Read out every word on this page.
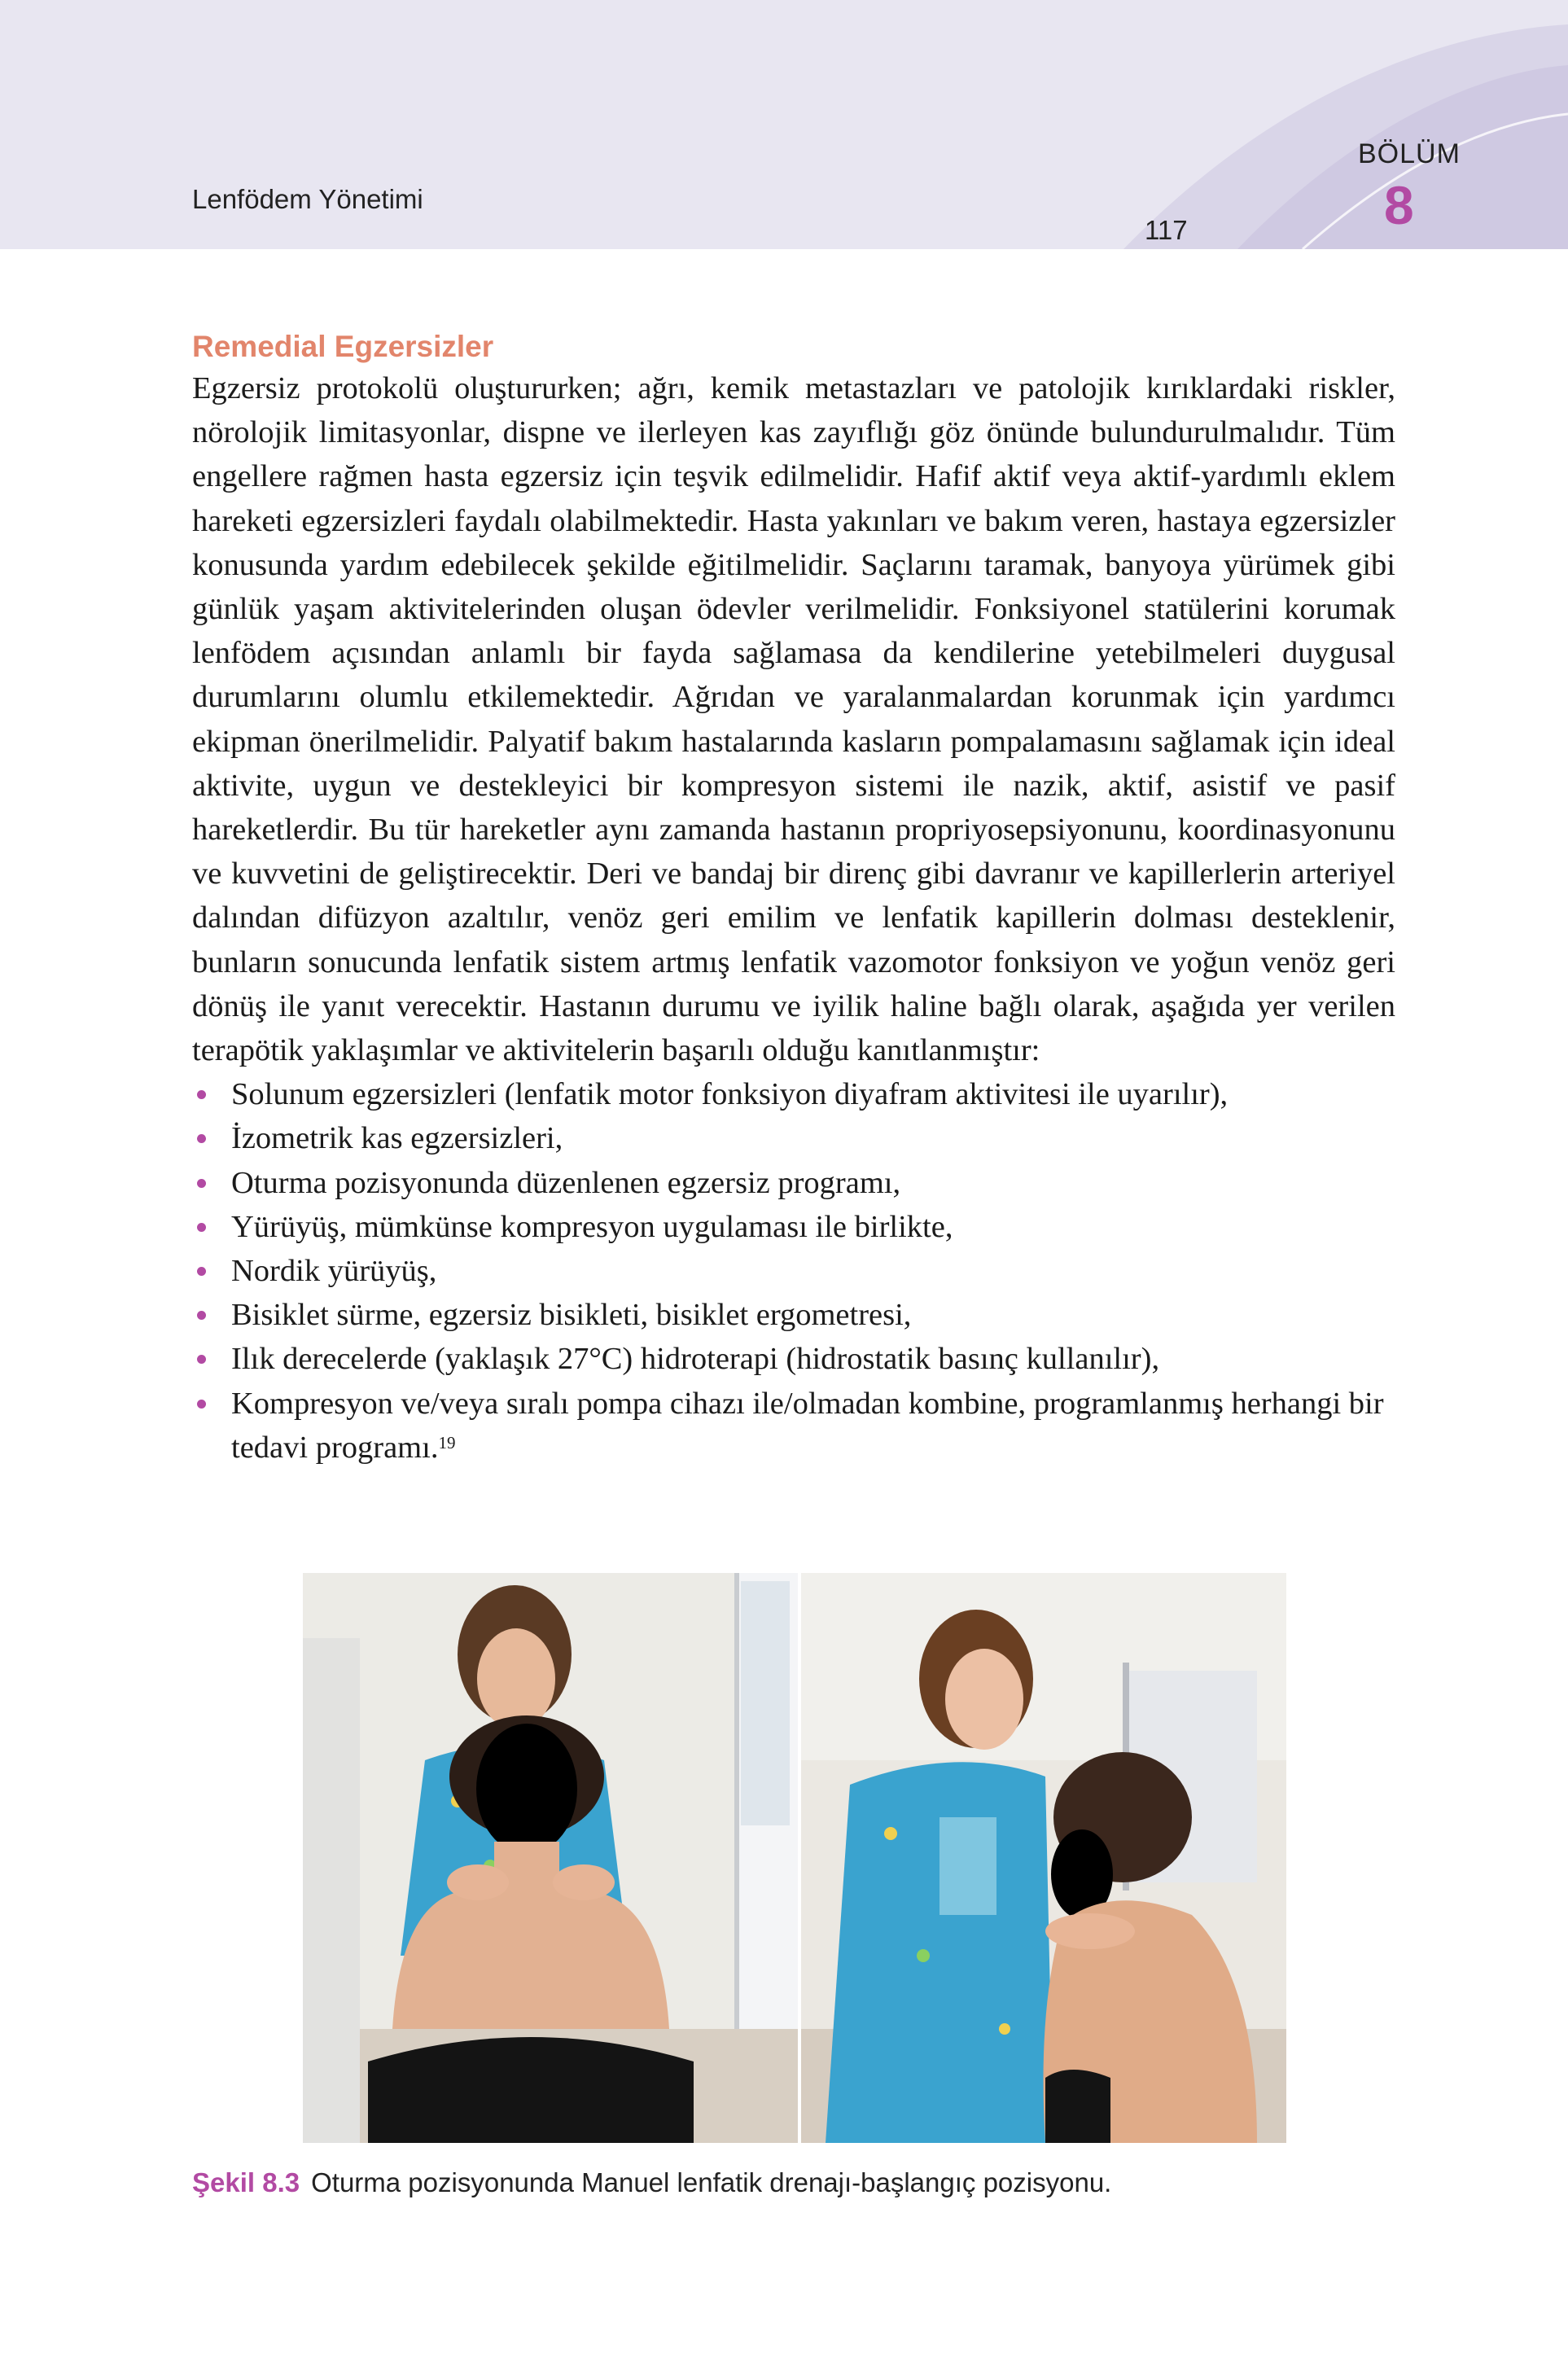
Lenfödem Yönetimi
117
BÖLÜM
8
Remedial Egzersizler

Egzersiz protokolü oluştururken; ağrı, kemik metastazları ve patolojik kırıklardaki riskler, nörolojik limitasyonlar, dispne ve ilerleyen kas zayıflığı göz önünde bulundurulmalıdır. Tüm engellere rağmen hasta egzersiz için teşvik edilmelidir. Hafif aktif veya aktif-yardımlı eklem hareketi egzersizleri faydalı olabilmektedir. Hasta yakınları ve bakım veren, hastaya egzersizler konusunda yardım edebilecek şekilde eğitilmelidir. Saçlarını taramak, banyoya yürümek gibi günlük yaşam aktivitelerinden oluşan ödevler verilmelidir. Fonksiyonel statülerini korumak lenfödem açısından anlamlı bir fayda sağlamasa da kendilerine yetebilmeleri duygusal durumlarını olumlu etkilemektedir. Ağrıdan ve yaralanmalardan korunmak için yardımcı ekipman önerilmelidir. Palyatif bakım hastalarında kasların pompalamasını sağlamak için ideal aktivite, uygun ve destekleyici bir kompresyon sistemi ile nazik, aktif, asistif ve pasif hareketlerdir. Bu tür hareketler aynı zamanda hastanın propriyosepsiyonunu, koordinasyonunu ve kuvvetini de geliştirecektir. Deri ve bandaj bir direnç gibi davranır ve kapillerlerin arteriyel dalından difüzyon azaltılır, venöz geri emilim ve lenfatik kapillerin dolması desteklenir, bunların sonucunda lenfatik sistem artmış lenfatik vazomotor fonksiyon ve yoğun venöz geri dönüş ile yanıt verecektir. Hastanın durumu ve iyilik haline bağlı olarak, aşağıda yer verilen terapötik yaklaşımlar ve aktivitelerin başarılı olduğu kanıtlanmıştır:

Solunum egzersizleri (lenfatik motor fonksiyon diyafram aktivitesi ile uyarılır),
İzometrik kas egzersizleri,
Oturma pozisyonunda düzenlenen egzersiz programı,
Yürüyüş, mümkünse kompresyon uygulaması ile birlikte,
Nordik yürüyüş,
Bisiklet sürme, egzersiz bisikleti, bisiklet ergometresi,
Ilık derecelerde (yaklaşık 27°C) hidroterapi (hidrostatik basınç kullanılır),
Kompresyon ve/veya sıralı pompa cihazı ile/olmadan kombine, programlanmış herhangi bir tedavi programı.$^{19}$
Şekil 8.3 Oturma pozisyonunda Manuel lenfatik drenajı-başlangıç pozisyonu.
